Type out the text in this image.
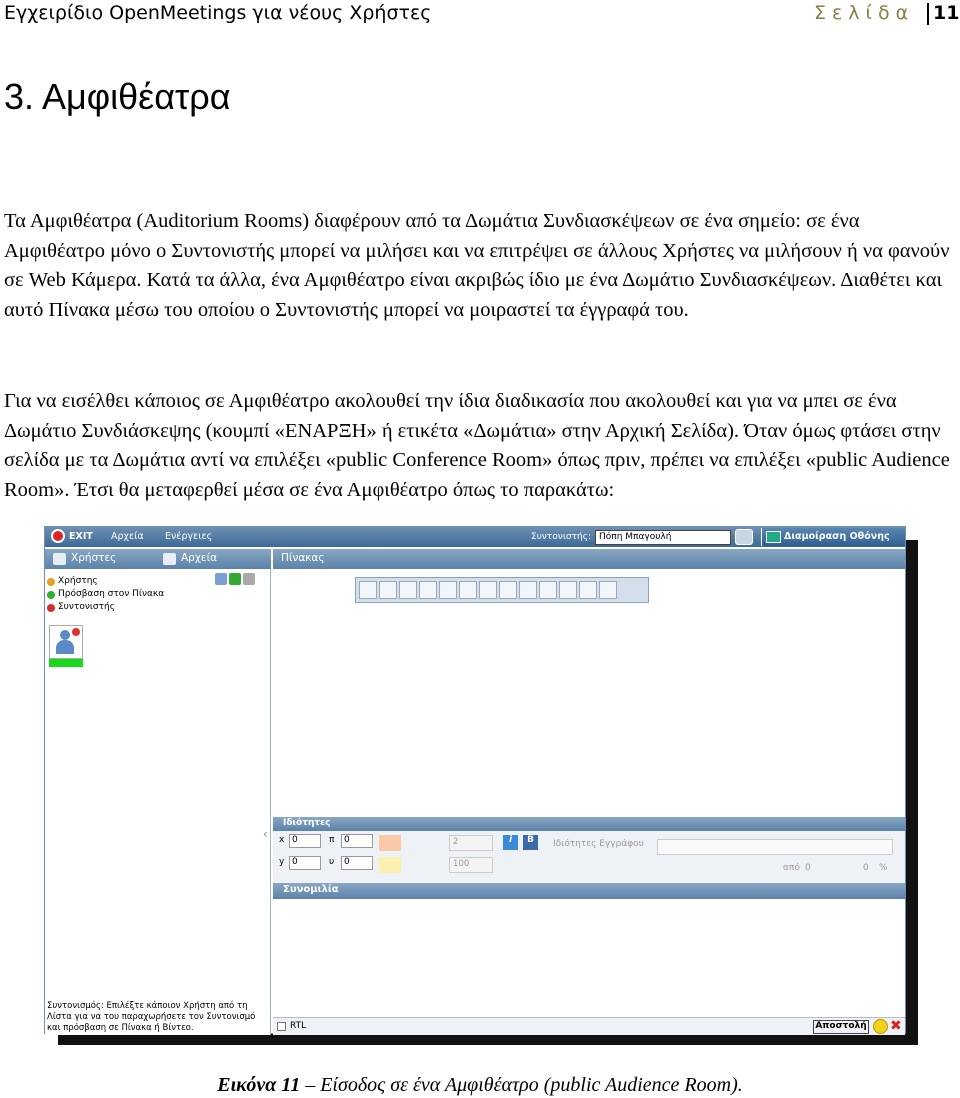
Εγχειρίδιο OpenMeetings για νέους Χρήστες	Σελίδα 11
3. Αμφιθέατρα

Τα Αμφιθέατρα (Auditorium Rooms) διαφέρουν από τα Δωμάτια Συνδιασκέψεων σε ένα σημείο: σε ένα Αμφιθέατρο μόνο ο Συντονιστής μπορεί να μιλήσει και να επιτρέψει σε άλλους Χρήστες να μιλήσουν ή να φανούν σε Web Κάμερα. Κατά τα άλλα, ένα Αμφιθέατρο είναι ακριβώς ίδιο με ένα Δωμάτιο Συνδιασκέψεων. Διαθέτει και αυτό Πίνακα μέσω του οποίου ο Συντονιστής μπορεί να μοιραστεί τα έγγραφά του.

Για να εισέλθει κάποιος σε Αμφιθέατρο ακολουθεί την ίδια διαδικασία που ακολουθεί και για να μπει σε ένα Δωμάτιο Συνδιάσκεψης (κουμπί «ΕΝΑΡΞΗ» ή ετικέτα «Δωμάτια» στην Αρχική Σελίδα). Όταν όμως φτάσει στην σελίδα με τα Δωμάτια αντί να επιλέξει «public Conference Room» όπως πριν, πρέπει να επιλέξει «public Audience Room». Έτσι θα μεταφερθεί μέσα σε ένα Αμφιθέατρο όπως το παρακάτω:

EXIT Αρχεία Ενέργειες	Συντονιστής: Πόπη Μπαγουλή	Διαμοίραση Οθόνης
Χρήστες	Αρχεία
Χρήστης
Πρόσβαση στον Πίνακα
Συντονιστής
‹
Συντονισμός: Επιλέξτε κάποιον Χρήστη από τη Λίστα για να του παραχωρήσετε τον Συντονισμό και πρόσβαση σε Πίνακα ή Βίντεο.
Πίνακας
Ιδιότητες
x 0	π	0
y 0	υ	0
2
100
i	B	Ιδιότητες Εγγράφου
από 0	0 %
Συνομιλία
RTL	Αποστολή ✖
Εικόνα 11 – Είσοδος σε ένα Αμφιθέατρο (public Audience Room).
